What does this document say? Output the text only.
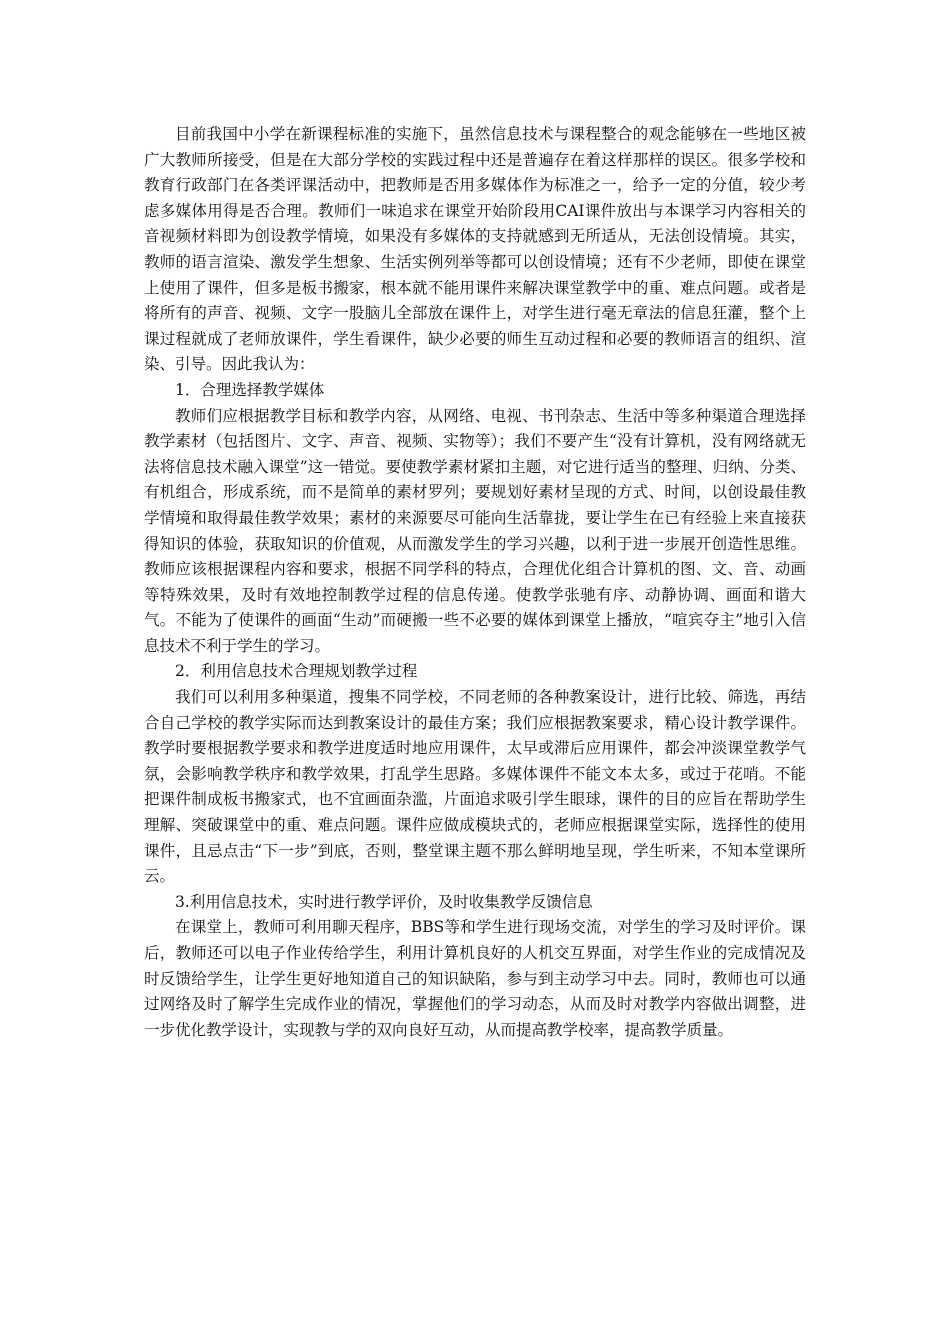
目前我国中小学在新课程标准的实施下，虽然信息技术与课程整合的观念能够在一些地区被广大教师所接受，但是在大部分学校的实践过程中还是普遍存在着这样那样的误区。很多学校和教育行政部门在各类评课活动中，把教师是否用多媒体作为标准之一，给予一定的分值，较少考虑多媒体用得是否合理。教师们一味追求在课堂开始阶段用CAI课件放出与本课学习内容相关的音视频材料即为创设教学情境，如果没有多媒体的支持就感到无所适从，无法创设情境。其实，教师的语言渲染、激发学生想象、生活实例列举等都可以创设情境；还有不少老师，即使在课堂上使用了课件，但多是板书搬家，根本就不能用课件来解决课堂教学中的重、难点问题。或者是将所有的声音、视频、文字一股脑儿全部放在课件上，对学生进行毫无章法的信息狂灌，整个上课过程就成了老师放课件，学生看课件，缺少必要的师生互动过程和必要的教师语言的组织、渲染、引导。因此我认为：

1．合理选择教学媒体

教师们应根据教学目标和教学内容，从网络、电视、书刊杂志、生活中等多种渠道合理选择教学素材（包括图片、文字、声音、视频、实物等）；我们不要产生“没有计算机，没有网络就无法将信息技术融入课堂”这一错觉。要使教学素材紧扣主题，对它进行适当的整理、归纳、分类、有机组合，形成系统，而不是简单的素材罗列；要规划好素材呈现的方式、时间，以创设最佳教学情境和取得最佳教学效果；素材的来源要尽可能向生活靠拢，要让学生在已有经验上来直接获得知识的体验，获取知识的价值观，从而激发学生的学习兴趣，以利于进一步展开创造性思维。教师应该根据课程内容和要求，根据不同学科的特点，合理优化组合计算机的图、文、音、动画等特殊效果，及时有效地控制教学过程的信息传递。使教学张驰有序、动静协调、画面和谐大气。不能为了使课件的画面“生动”而硬搬一些不必要的媒体到课堂上播放，“喧宾夺主”地引入信息技术不利于学生的学习。

2．利用信息技术合理规划教学过程

我们可以利用多种渠道，搜集不同学校，不同老师的各种教案设计，进行比较、筛选，再结合自己学校的教学实际而达到教案设计的最佳方案；我们应根据教案要求，精心设计教学课件。教学时要根据教学要求和教学进度适时地应用课件，太早或滞后应用课件，都会冲淡课堂教学气氛，会影响教学秩序和教学效果，打乱学生思路。多媒体课件不能文本太多，或过于花哨。不能把课件制成板书搬家式，也不宜画面杂滥，片面追求吸引学生眼球，课件的目的应旨在帮助学生理解、突破课堂中的重、难点问题。课件应做成模块式的，老师应根据课堂实际，选择性的使用课件，且忌点击“下一步”到底，否则，整堂课主题不那么鲜明地呈现，学生听来，不知本堂课所云。

3.利用信息技术，实时进行教学评价，及时收集教学反馈信息

在课堂上，教师可利用聊天程序，BBS等和学生进行现场交流，对学生的学习及时评价。课后，教师还可以电子作业传给学生，利用计算机良好的人机交互界面，对学生作业的完成情况及时反馈给学生，让学生更好地知道自己的知识缺陷，参与到主动学习中去。同时，教师也可以通过网络及时了解学生完成作业的情况，掌握他们的学习动态，从而及时对教学内容做出调整，进一步优化教学设计，实现教与学的双向良好互动，从而提高教学校率，提高教学质量。
